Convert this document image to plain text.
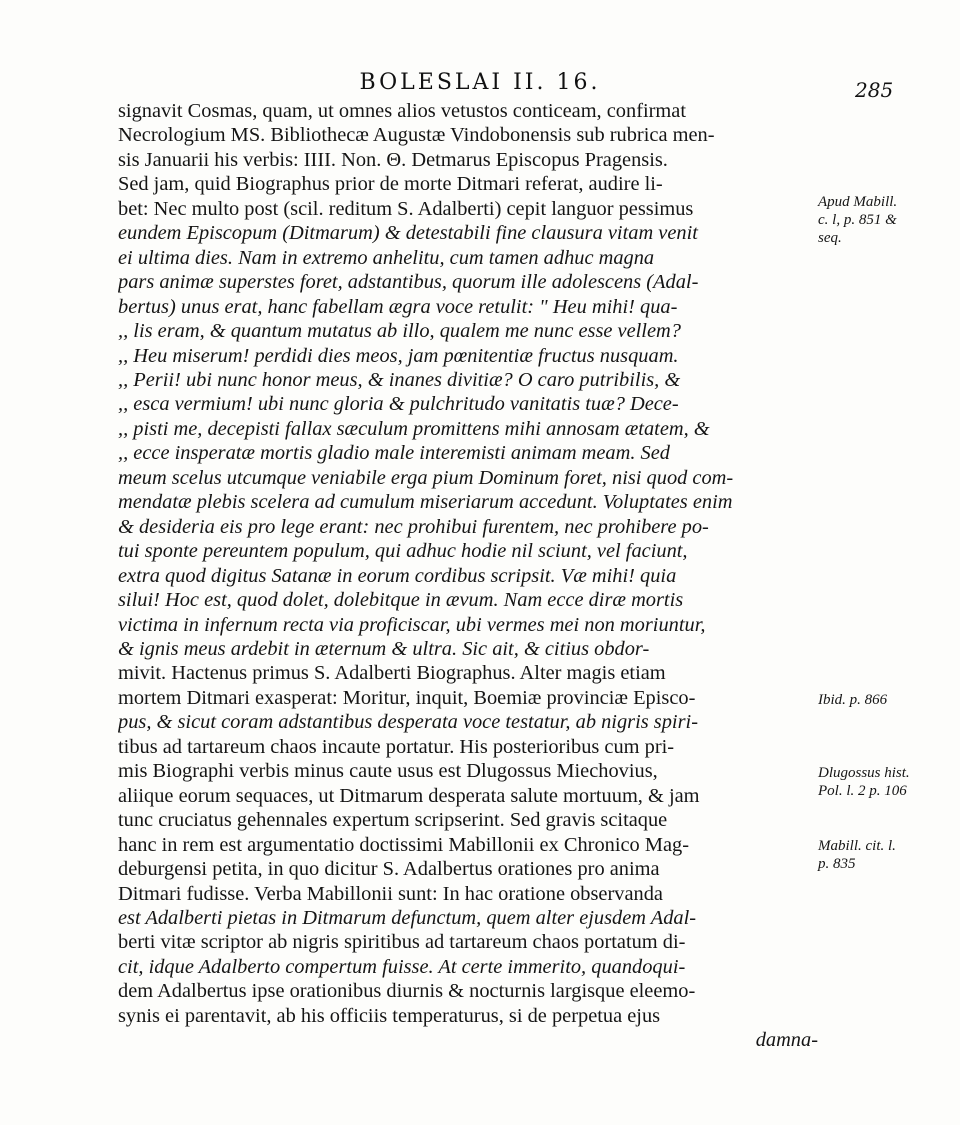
BOLESLAI II. 16.	285
signavit Cosmas, quam, ut omnes alios vetustos conticeam, confirmat
Necrologium MS. Bibliothecæ Augustæ Vindobonensis sub rubrica men-
sis Januarii his verbis: IIII. Non. Θ. Detmarus Episcopus Pragensis.
Sed jam, quid Biographus prior de morte Ditmari referat, audire li-
bet: Nec multo post (scil. reditum S. Adalberti) cepit languor pessimus
eundem Episcopum (Ditmarum) & detestabili fine clausura vitam venit
ei ultima dies. Nam in extremo anhelitu, cum tamen adhuc magna
pars animæ superstes foret, adstantibus, quorum ille adolescens (Adal-
bertus) unus erat, hanc fabellam ægra voce retulit: " Heu mihi! qua-
,, lis eram, & quantum mutatus ab illo, qualem me nunc esse vellem?
,, Heu miserum! perdidi dies meos, jam pœnitentiæ fructus nusquam.
,, Perii! ubi nunc honor meus, & inanes divitiæ? O caro putribilis, &
,, esca vermium! ubi nunc gloria & pulchritudo vanitatis tuæ? Dece-
,, pisti me, decepisti fallax sæculum promittens mihi annosam ætatem, &
,, ecce insperatæ mortis gladio male interemisti animam meam. Sed
meum scelus utcumque veniabile erga pium Dominum foret, nisi quod com-
mendatæ plebis scelera ad cumulum miseriarum accedunt. Voluptates enim
& desideria eis pro lege erant: nec prohibui furentem, nec prohibere po-
tui sponte pereuntem populum, qui adhuc hodie nil sciunt, vel faciunt,
extra quod digitus Satanæ in eorum cordibus scripsit. Væ mihi! quia
silui! Hoc est, quod dolet, dolebitque in ævum. Nam ecce diræ mortis
victima in infernum recta via proficiscar, ubi vermes mei non moriuntur,
& ignis meus ardebit in æternum & ultra. Sic ait, & citius obdor-
mivit. Hactenus primus S. Adalberti Biographus. Alter magis etiam
mortem Ditmari exasperat: Moritur, inquit, Boemiæ provinciæ Episco-
pus, & sicut coram adstantibus desperata voce testatur, ab nigris spiri-
tibus ad tartareum chaos incaute portatur. His posterioribus cum pri-
mis Biographi verbis minus caute usus est Dlugossus Miechovius,
aliique eorum sequaces, ut Ditmarum desperata salute mortuum, & jam
tunc cruciatus gehennales expertum scripserint. Sed gravis scitaque
hanc in rem est argumentatio doctissimi Mabillonii ex Chronico Mag-
deburgensi petita, in quo dicitur S. Adalbertus orationes pro anima
Ditmari fudisse. Verba Mabillonii sunt: In hac oratione observanda
est Adalberti pietas in Ditmarum defunctum, quem alter ejusdem Adal-
berti vitæ scriptor ab nigris spiritibus ad tartareum chaos portatum di-
cit, idque Adalberto compertum fuisse. At certe immerito, quandoqui-
dem Adalbertus ipse orationibus diurnis & nocturnis largisque eleemo-
synis ei parentavit, ab his officiis temperaturus, si de perpetua ejus
damna-
Apud Mabill.
c. l, p. 851 &
seq.
Ibid. p. 866
Dlugossus hist.
Pol. l. 2 p. 106
Mabill. cit. l.
p. 835
